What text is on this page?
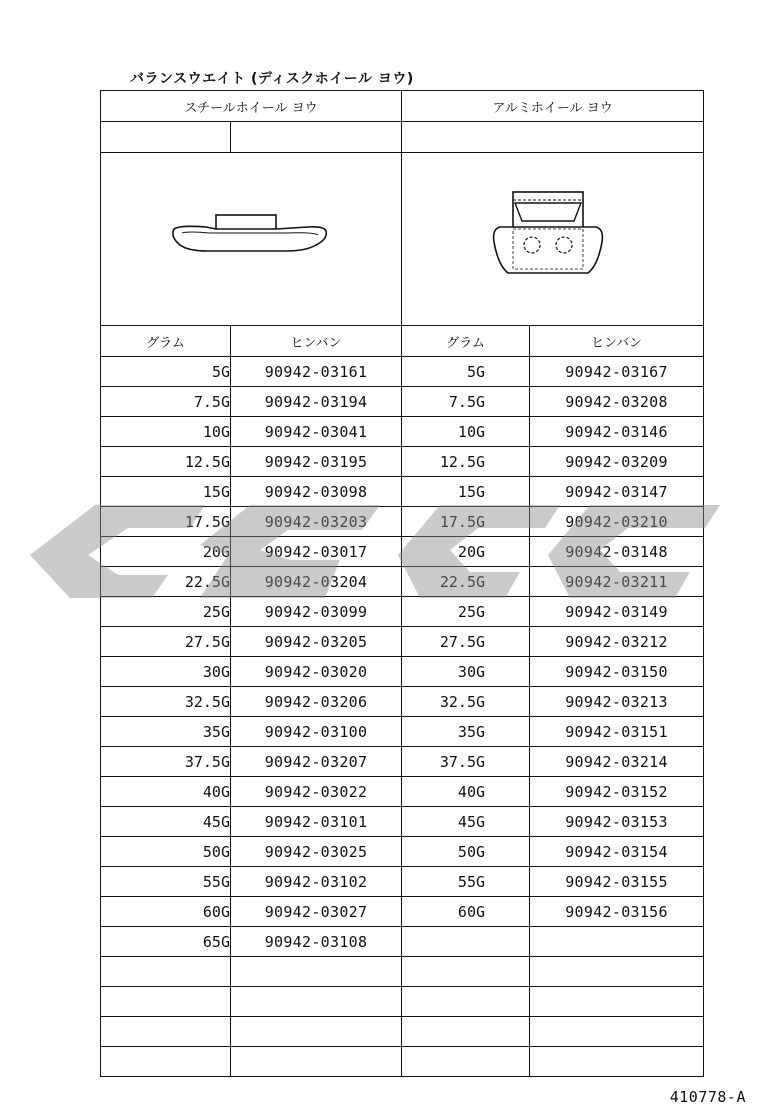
バランスウエイト (ディスクホイール ヨウ)
スチールホイール ヨウ		アルミホイール ヨウ	

グラム	ヒンバン	グラム	ヒンバン
5G	90942-03161	5G	90942-03167
7.5G	90942-03194	7.5G	90942-03208
10G	90942-03041	10G	90942-03146
12.5G	90942-03195	12.5G	90942-03209
15G	90942-03098	15G	90942-03147
17.5G	90942-03203	17.5G	90942-03210
20G	90942-03017	20G	90942-03148
22.5G	90942-03204	22.5G	90942-03211
25G	90942-03099	25G	90942-03149
27.5G	90942-03205	27.5G	90942-03212
30G	90942-03020	30G	90942-03150
32.5G	90942-03206	32.5G	90942-03213
35G	90942-03100	35G	90942-03151
37.5G	90942-03207	37.5G	90942-03214
40G	90942-03022	40G	90942-03152
45G	90942-03101	45G	90942-03153
50G	90942-03025	50G	90942-03154
55G	90942-03102	55G	90942-03155
60G	90942-03027	60G	90942-03156
65G	90942-03108		

410778-A
